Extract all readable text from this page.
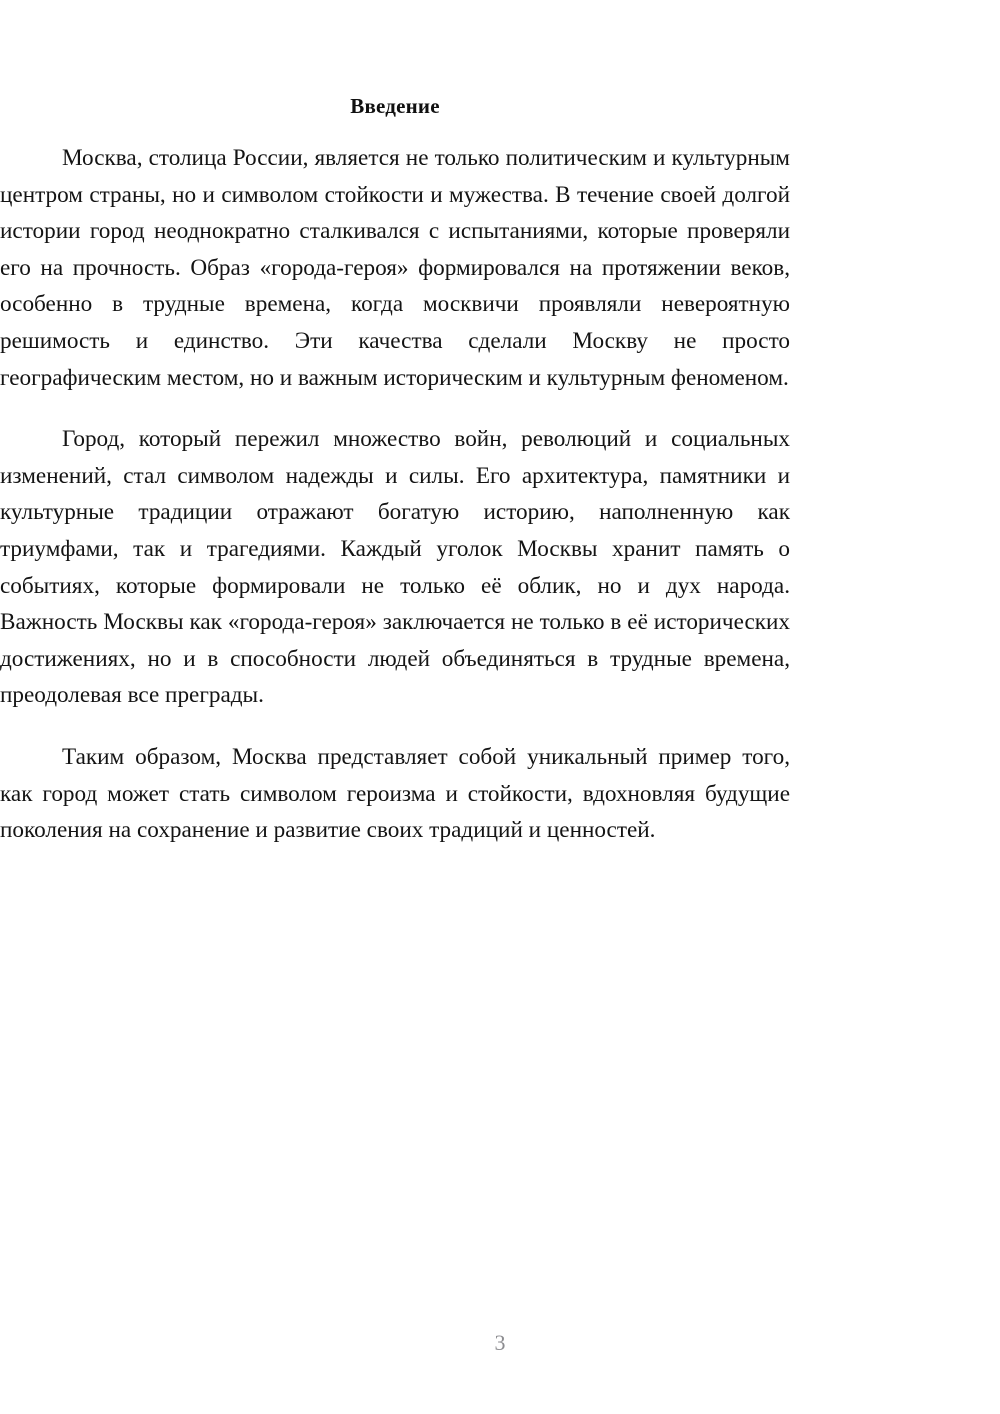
Введение

Москва, столица России, является не только политическим и культурным центром страны, но и символом стойкости и мужества. В течение своей долгой истории город неоднократно сталкивался с испытаниями, которые проверяли его на прочность. Образ «города-героя» формировался на протяжении веков, особенно в трудные времена, когда москвичи проявляли невероятную решимость и единство. Эти качества сделали Москву не просто географическим местом, но и важным историческим и культурным феноменом.

Город, который пережил множество войн, революций и социальных изменений, стал символом надежды и силы. Его архитектура, памятники и культурные традиции отражают богатую историю, наполненную как триумфами, так и трагедиями. Каждый уголок Москвы хранит память о событиях, которые формировали не только её облик, но и дух народа. Важность Москвы как «города-героя» заключается не только в её исторических достижениях, но и в способности людей объединяться в трудные времена, преодолевая все преграды.

Таким образом, Москва представляет собой уникальный пример того, как город может стать символом героизма и стойкости, вдохновляя будущие поколения на сохранение и развитие своих традиций и ценностей.

3
